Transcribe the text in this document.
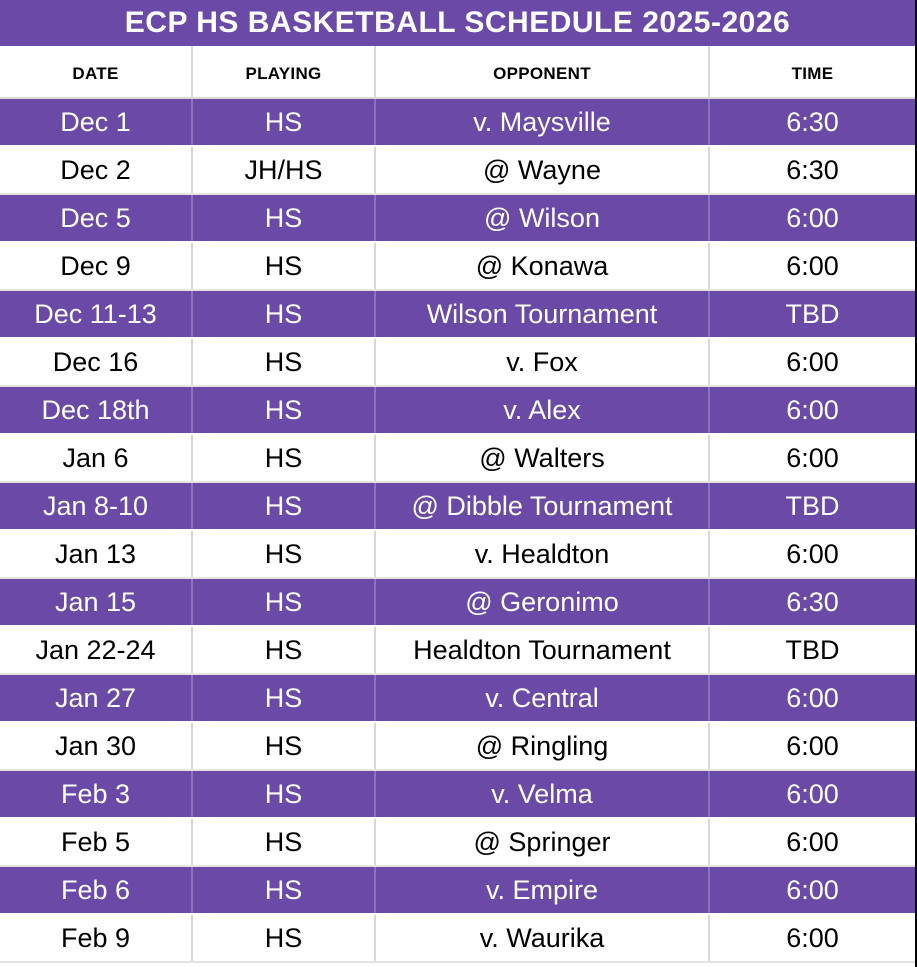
ECP HS BASKETBALL SCHEDULE 2025-2026
DATE	PLAYING	OPPONENT	TIME
Dec 1	HS	v. Maysville	6:30
Dec 2	JH/HS	@ Wayne	6:30
Dec 5	HS	@ Wilson	6:00
Dec 9	HS	@ Konawa	6:00
Dec 11-13	HS	Wilson Tournament	TBD
Dec 16	HS	v. Fox	6:00
Dec 18th	HS	v. Alex	6:00
Jan 6	HS	@ Walters	6:00
Jan 8-10	HS	@ Dibble Tournament	TBD
Jan 13	HS	v. Healdton	6:00
Jan 15	HS	@ Geronimo	6:30
Jan 22-24	HS	Healdton Tournament	TBD
Jan 27	HS	v. Central	6:00
Jan 30	HS	@ Ringling	6:00
Feb 3	HS	v. Velma	6:00
Feb 5	HS	@ Springer	6:00
Feb 6	HS	v. Empire	6:00
Feb 9	HS	v. Waurika	6:00
